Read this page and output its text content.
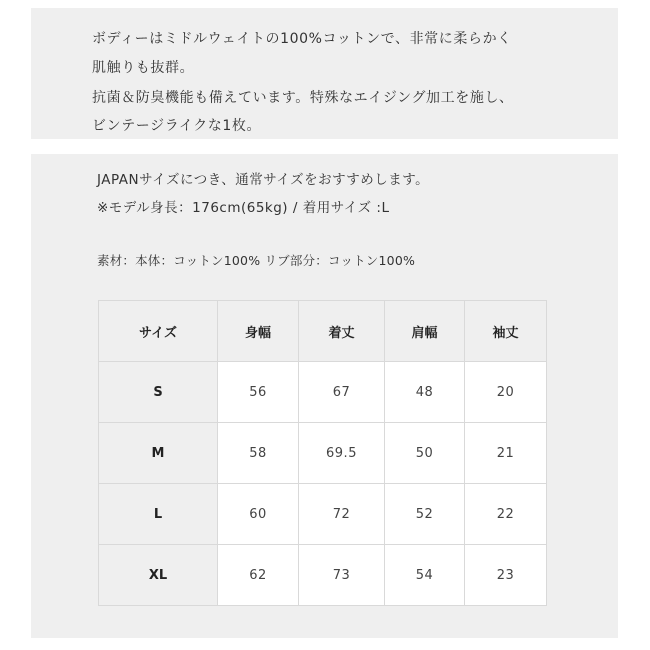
ボディーはミドルウェイトの100%コットンで、非常に柔らかく
肌触りも抜群。
抗菌＆防臭機能も備えています。特殊なエイジング加工を施し、
ビンテージライクな1枚。
JAPANサイズにつき、通常サイズをおすすめします。
※モデル身長：176cm(65kg) / 着用サイズ :L
素材：本体：コットン100% リブ部分：コットン100%
サイズ	身幅	着丈	肩幅	袖丈
S	56	67	48	20
M	58	69.5	50	21
L	60	72	52	22
XL	62	73	54	23
